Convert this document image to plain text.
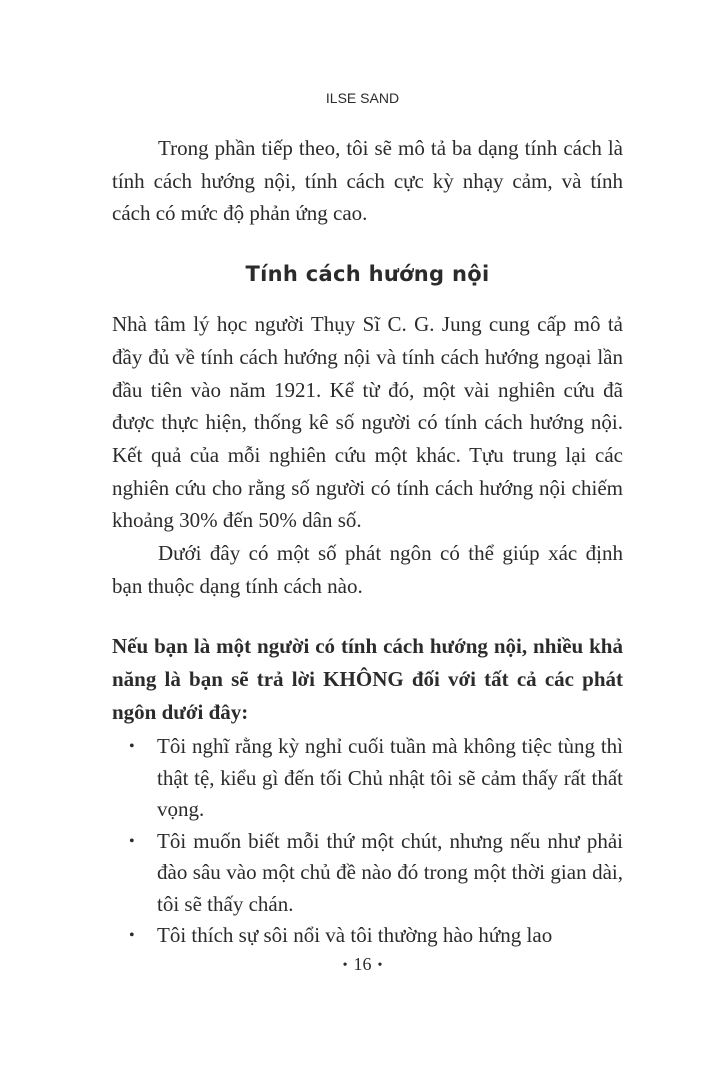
ILSE SAND

Trong phần tiếp theo, tôi sẽ mô tả ba dạng tính cách là tính cách hướng nội, tính cách cực kỳ nhạy cảm, và tính cách có mức độ phản ứng cao.

Tính cách hướng nội

Nhà tâm lý học người Thụy Sĩ C. G. Jung cung cấp mô tả đầy đủ về tính cách hướng nội và tính cách hướng ngoại lần đầu tiên vào năm 1921. Kể từ đó, một vài nghiên cứu đã được thực hiện, thống kê số người có tính cách hướng nội. Kết quả của mỗi nghiên cứu một khác. Tựu trung lại các nghiên cứu cho rằng số người có tính cách hướng nội chiếm khoảng 30% đến 50% dân số.

Dưới đây có một số phát ngôn có thể giúp xác định bạn thuộc dạng tính cách nào.

Nếu bạn là một người có tính cách hướng nội, nhiều khả năng là bạn sẽ trả lời KHÔNG đối với tất cả các phát ngôn dưới đây:

• Tôi nghĩ rằng kỳ nghỉ cuối tuần mà không tiệc tùng thì thật tệ, kiểu gì đến tối Chủ nhật tôi sẽ cảm thấy rất thất vọng.
• Tôi muốn biết mỗi thứ một chút, nhưng nếu như phải đào sâu vào một chủ đề nào đó trong một thời gian dài, tôi sẽ thấy chán.
• Tôi thích sự sôi nổi và tôi thường hào hứng lao
• 16 •
